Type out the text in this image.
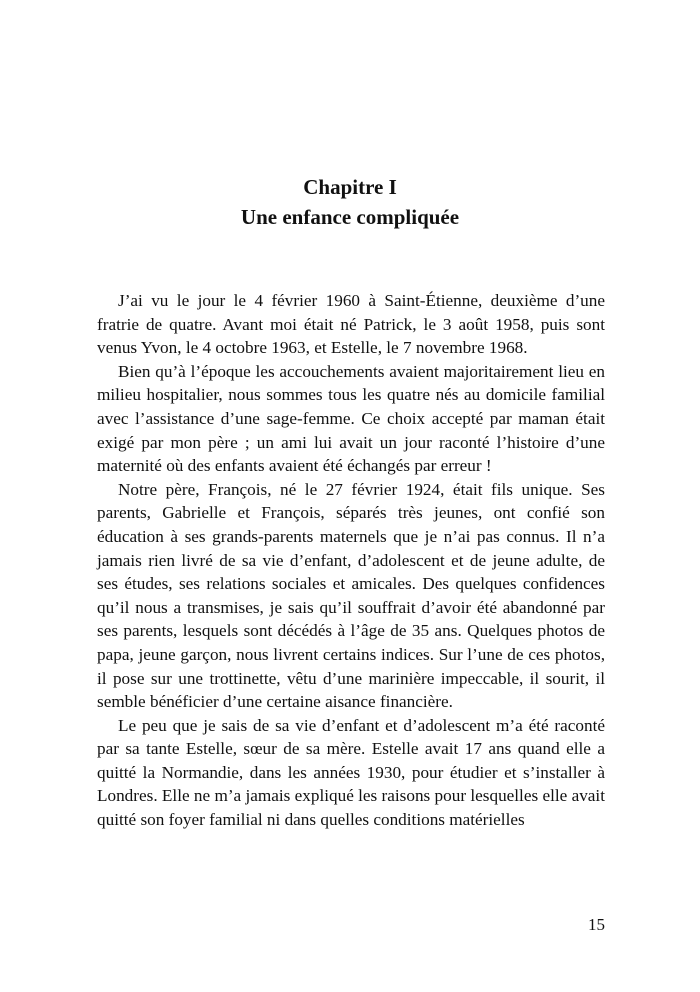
Chapitre I
Une enfance compliquée

J’ai vu le jour le 4 février 1960 à Saint-Étienne, deuxième d’une fratrie de quatre. Avant moi était né Patrick, le 3 août 1958, puis sont venus Yvon, le 4 octobre 1963, et Estelle, le 7 novembre 1968.

Bien qu’à l’époque les accouchements avaient majoritairement lieu en milieu hospitalier, nous sommes tous les quatre nés au domicile familial avec l’assistance d’une sage-femme. Ce choix accepté par maman était exigé par mon père ; un ami lui avait un jour raconté l’histoire d’une maternité où des enfants avaient été échangés par erreur !

Notre père, François, né le 27 février 1924, était fils unique. Ses parents, Gabrielle et François, séparés très jeunes, ont confié son éducation à ses grands-parents maternels que je n’ai pas connus. Il n’a jamais rien livré de sa vie d’enfant, d’adolescent et de jeune adulte, de ses études, ses relations sociales et amicales. Des quelques confidences qu’il nous a transmises, je sais qu’il souffrait d’avoir été abandonné par ses parents, lesquels sont décédés à l’âge de 35 ans. Quelques photos de papa, jeune garçon, nous livrent certains indices. Sur l’une de ces photos, il pose sur une trottinette, vêtu d’une marinière impeccable, il sourit, il semble bénéficier d’une certaine aisance financière.

Le peu que je sais de sa vie d’enfant et d’adolescent m’a été raconté par sa tante Estelle, sœur de sa mère. Estelle avait 17 ans quand elle a quitté la Normandie, dans les années 1930, pour étudier et s’installer à Londres. Elle ne m’a jamais expliqué les raisons pour lesquelles elle avait quitté son foyer familial ni dans quelles conditions matérielles

15
